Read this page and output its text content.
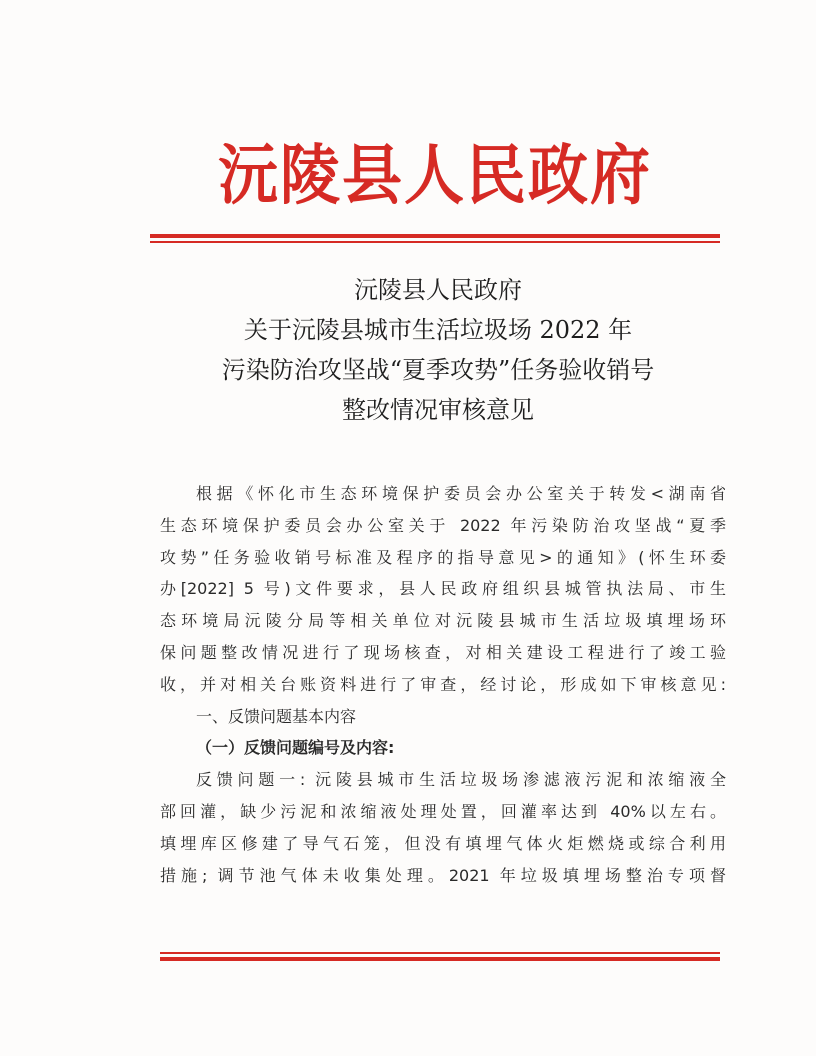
沅陵县人民政府
沅陵县人民政府
关于沅陵县城市生活垃圾场 2022 年
污染防治攻坚战“夏季攻势”任务验收销号
整改情况审核意见
根据《怀化市生态环境保护委员会办公室关于转发<湖南省
生态环境保护委员会办公室关于 2022 年污染防治攻坚战“夏季
攻势”任务验收销号标准及程序的指导意见>的通知》(怀生环委
办[2022] 5 号)文件要求，县人民政府组织县城管执法局、市生
态环境局沅陵分局等相关单位对沅陵县城市生活垃圾填埋场环
保问题整改情况进行了现场核查，对相关建设工程进行了竣工验
收，并对相关台账资料进行了审查，经讨论，形成如下审核意见:
一、反馈问题基本内容
（一）反馈问题编号及内容:
反馈问题一: 沅陵县城市生活垃圾场渗滤液污泥和浓缩液全
部回灌，缺少污泥和浓缩液处理处置，回灌率达到 40%以左右。
填埋库区修建了导气石笼，但没有填埋气体火炬燃烧或综合利用
措施; 调节池气体未收集处理。2021 年垃圾填埋场整治专项督
